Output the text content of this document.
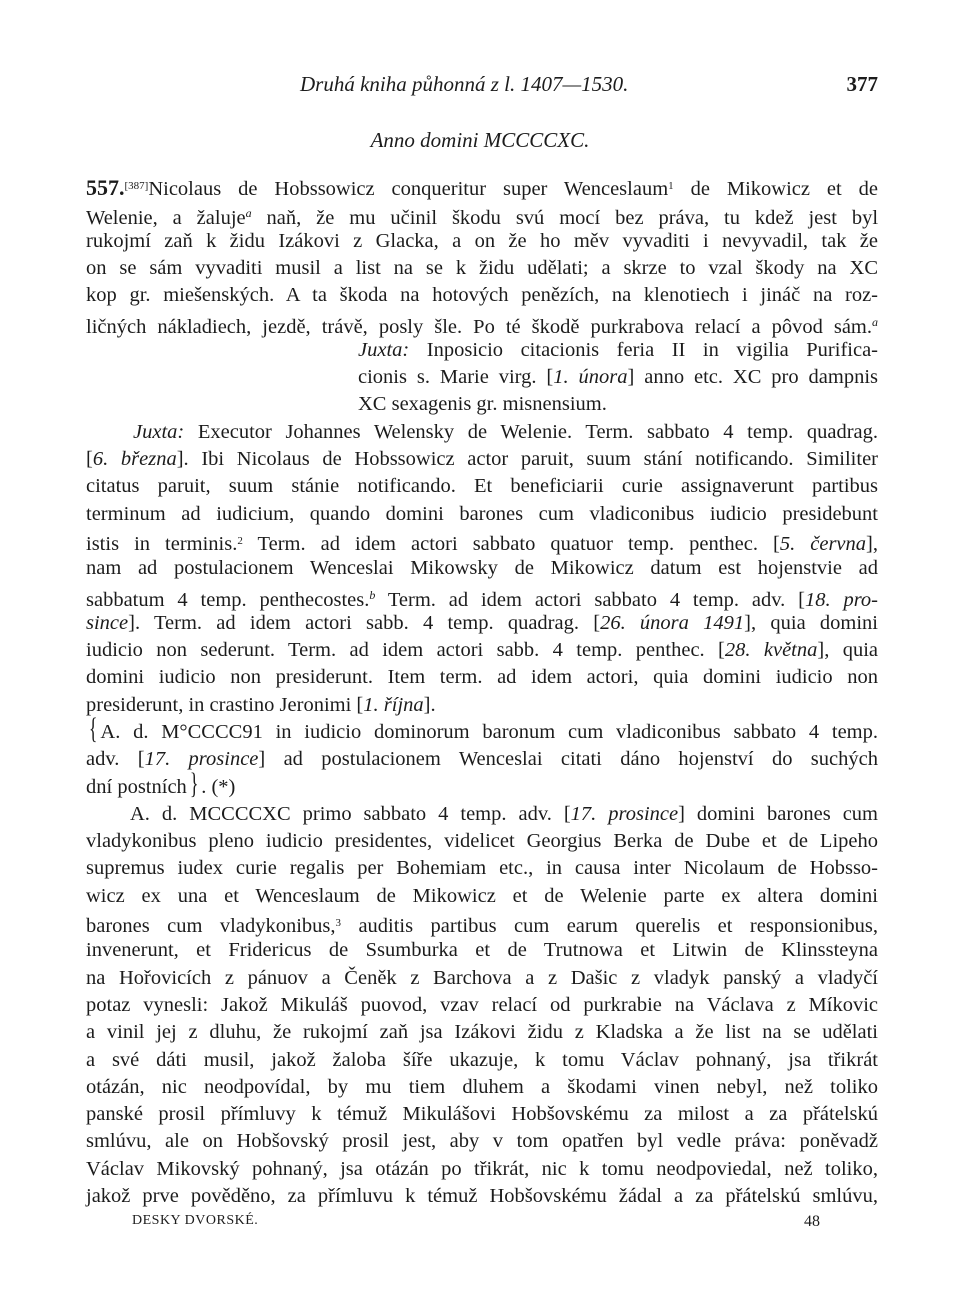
Druhá kniha půhonná z l. 1407—1530.	377
Anno domini MCCCCXC.
557.[387]Nicolaus de Hobssowicz conqueritur super Wenceslaum$^1$ de Mikowicz et de
Welenie, a žaluje$^a$ naň, že mu učinil škodu svú mocí bez práva, tu kdež jest byl
rukojmí zaň k židu Izákovi z Glacka, a on že ho měv vyvaditi i nevyvadil, tak že
on se sám vyvaditi musil a list na se k židu udělati; a skrze to vzal škody na XC
kop gr. miešenských. A ta škoda na hotových penězích, na klenotiech i jináč na roz-
ličných nákladiech, jezdě, trávě, posly šle. Po té škodě purkrabova relací a pôvod sám.$^a$
Juxta: Inposicio citacionis feria II in vigilia Purifica-
cionis s. Marie virg. [1. února] anno etc. XC pro dampnis
XC sexagenis gr. misnensium.
Juxta: Executor Johannes Welensky de Welenie. Term. sabbato 4 temp. quadrag.
[6. března]. Ibi Nicolaus de Hobssowicz actor paruit, suum stání notificando. Similiter
citatus paruit, suum stánie notificando. Et beneficiarii curie assignaverunt partibus
terminum ad iudicium, quando domini barones cum vladiconibus iudicio presidebunt
istis in terminis.$^2$ Term. ad idem actori sabbato quatuor temp. penthec. [5. června],
nam ad postulacionem Wenceslai Mikowsky de Mikowicz datum est hojenstvie ad
sabbatum 4 temp. penthecostes.$^b$ Term. ad idem actori sabbato 4 temp. adv. [18. pro-
since]. Term. ad idem actori sabb. 4 temp. quadrag. [26. února 1491], quia domini
iudicio non sederunt. Term. ad idem actori sabb. 4 temp. penthec. [28. května], quia
domini iudicio non presiderunt. Item term. ad idem actori, quia domini iudicio non
presiderunt, in crastino Jeronimi [1. října].
{ A. d. M°CCCC91 in iudicio dominorum baronum cum vladiconibus sabbato 4 temp.
adv. [17. prosince] ad postulacionem Wenceslai citati dáno hojenství do suchých
dní postních} . (*)
A. d. MCCCCXC primo sabbato 4 temp. adv. [17. prosince] domini barones cum
vladykonibus pleno iudicio presidentes, videlicet Georgius Berka de Dube et de Lipeho
supremus iudex curie regalis per Bohemiam etc., in causa inter Nicolaum de Hobsso-
wicz ex una et Wenceslaum de Mikowicz et de Welenie parte ex altera domini
barones cum vladykonibus,$^3$ auditis partibus cum earum querelis et responsionibus,
invenerunt, et Fridericus de Ssumburka et de Trutnowa et Litwin de Klinssteyna
na Hořovicích z pánuov a Čeněk z Barchova a z Dašic z vladyk panský a vladyčí
potaz vynesli: Jakož Mikuláš puovod, vzav relací od purkrabie na Václava z Míkovic
a vinil jej z dluhu, že rukojmí zaň jsa Izákovi židu z Kladska a že list na se udělati
a své dáti musil, jakož žaloba šíře ukazuje, k tomu Václav pohnaný, jsa třikrát
otázán, nic neodpovídal, by mu tiem dluhem a škodami vinen nebyl, než toliko
panské prosil přímluvy k témuž Mikulášovi Hobšovskému za milost a za přátelskú
smlúvu, ale on Hobšovský prosil jest, aby v tom opatřen byl vedle práva: poněvadž
Václav Mikovský pohnaný, jsa otázán po třikrát, nic k tomu neodpoviedal, než toliko,
jakož prve pověděno, za přímluvu k témuž Hobšovskému žádal a za přátelskú smlúvu,
DESKY DVORSKÉ.	48
